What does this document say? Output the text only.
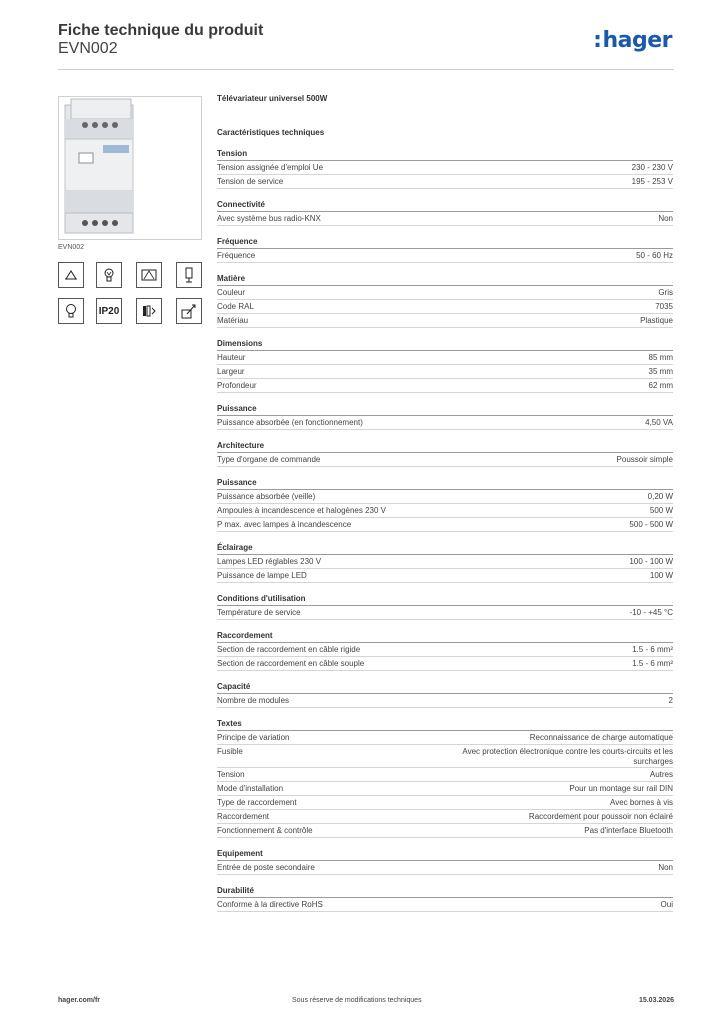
Fiche technique du produit
EVN002	:hager
EVN002
IP20
Télévariateur universel 500W
Caractéristiques techniques
Tension
Tension assignée d'emploi Ue	230 - 230 V
Tension de service	195 - 253 V
Connectivité
Avec système bus radio-KNX	Non
Fréquence
Fréquence	50 - 60 Hz
Matière
Couleur	Gris
Code RAL	7035
Matériau	Plastique
Dimensions
Hauteur	85 mm
Largeur	35 mm
Profondeur	62 mm
Puissance
Puissance absorbée (en fonctionnement)	4,50 VA
Architecture
Type d'organe de commande	Poussoir simple
Puissance
Puissance absorbée (veille)	0,20 W
Ampoules à incandescence et halogènes 230 V	500 W
P max. avec lampes à incandescence	500 - 500 W
Éclairage
Lampes LED réglables 230 V	100 - 100 W
Puissance de lampe LED	100 W
Conditions d'utilisation
Température de service	-10 - +45 °C
Raccordement
Section de raccordement en câble rigide	1.5 - 6 mm²
Section de raccordement en câble souple	1.5 - 6 mm²
Capacité
Nombre de modules	2
Textes
Principe de variation	Reconnaissance de charge automatique
Fusible	Avec protection électronique contre les courts-circuits et les surcharges
Tension	Autres
Mode d'installation	Pour un montage sur rail DIN
Type de raccordement	Avec bornes à vis
Raccordement	Raccordement pour poussoir non éclairé
Fonctionnement & contrôle	Pas d'interface Bluetooth
Equipement
Entrée de poste secondaire	Non
Durabilité
Conforme à la directive RoHS	Oui
hager.com/fr	Sous réserve de modifications techniques	15.03.2026
